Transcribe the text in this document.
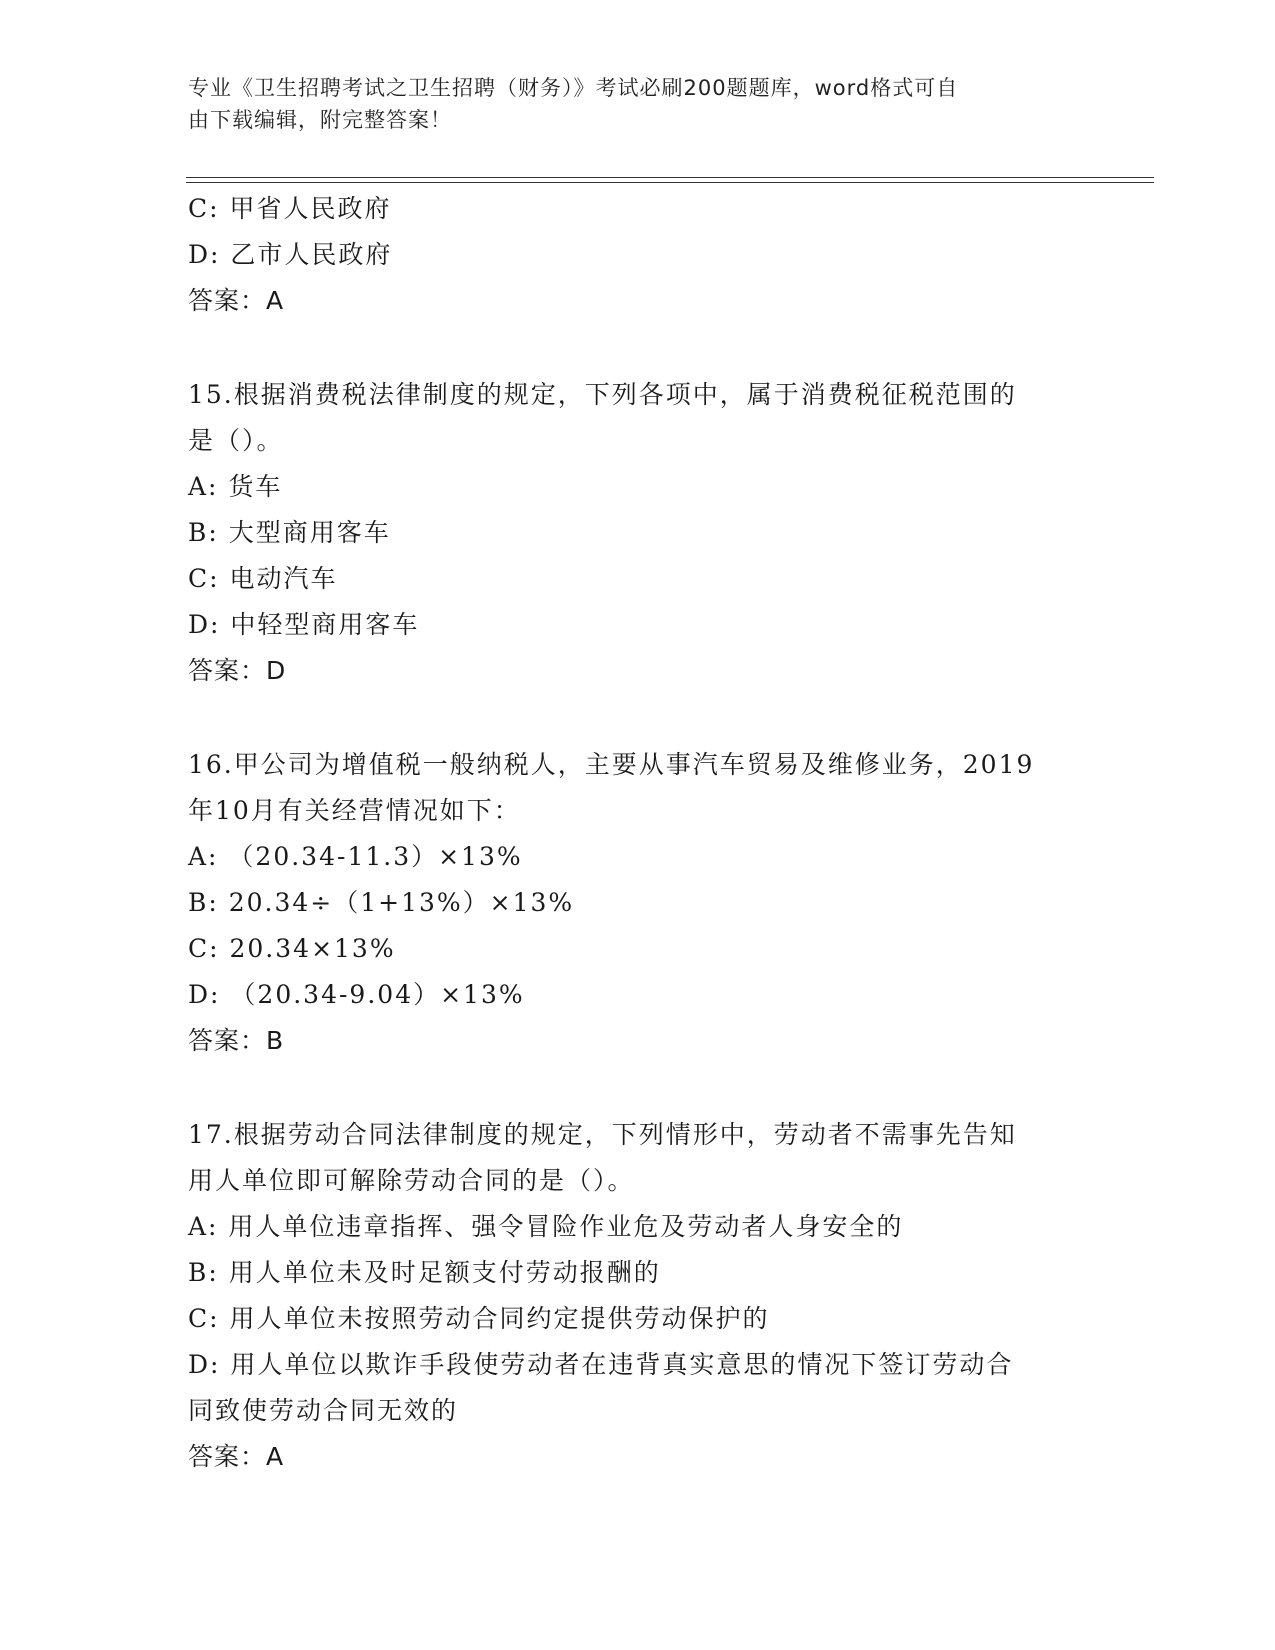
专业《卫生招聘考试之卫生招聘（财务）》考试必刷200题题库，word格式可自
由下载编辑，附完整答案！
C: 甲省人民政府
D: 乙市人民政府
答案：A
15.根据消费税法律制度的规定，下列各项中，属于消费税征税范围的
是（）。
A: 货车
B: 大型商用客车
C: 电动汽车
D: 中轻型商用客车
答案：D
16.甲公司为增值税一般纳税人，主要从事汽车贸易及维修业务，2019
年10月有关经营情况如下：
A: （20.34-11.3）×13%
B: 20.34÷（1+13%）×13%
C: 20.34×13%
D: （20.34-9.04）×13%
答案：B
17.根据劳动合同法律制度的规定，下列情形中，劳动者不需事先告知
用人单位即可解除劳动合同的是（）。
A: 用人单位违章指挥、强令冒险作业危及劳动者人身安全的
B: 用人单位未及时足额支付劳动报酬的
C: 用人单位未按照劳动合同约定提供劳动保护的
D: 用人单位以欺诈手段使劳动者在违背真实意思的情况下签订劳动合
同致使劳动合同无效的
答案：A
